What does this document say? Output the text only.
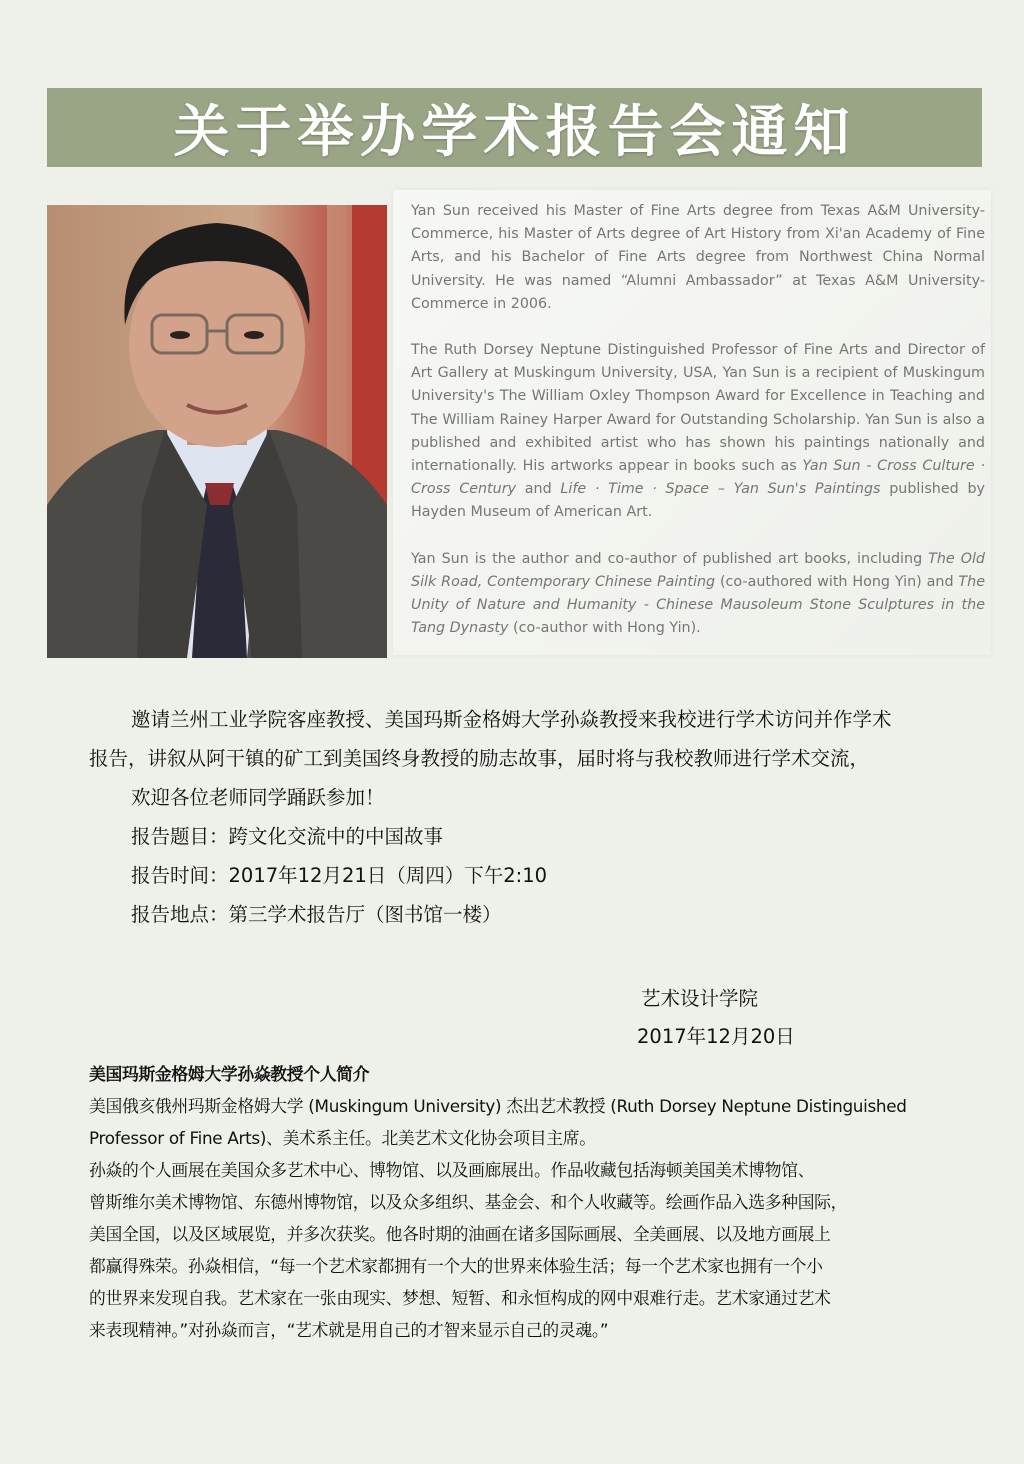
关于举办学术报告会通知

Yan Sun received his Master of Fine Arts degree from Texas A&M University-Commerce, his Master of Arts degree of Art History from Xi'an Academy of Fine Arts, and his Bachelor of Fine Arts degree from Northwest China Normal University. He was named “Alumni Ambassador” at Texas A&M University-Commerce in 2006.

The Ruth Dorsey Neptune Distinguished Professor of Fine Arts and Director of Art Gallery at Muskingum University, USA, Yan Sun is a recipient of Muskingum University's The William Oxley Thompson Award for Excellence in Teaching and The William Rainey Harper Award for Outstanding Scholarship. Yan Sun is also a published and exhibited artist who has shown his paintings nationally and internationally. His artworks appear in books such as Yan Sun - Cross Culture · Cross Century and Life · Time · Space – Yan Sun's Paintings published by Hayden Museum of American Art.

Yan Sun is the author and co-author of published art books, including The Old Silk Road, Contemporary Chinese Painting (co-authored with Hong Yin) and The Unity of Nature and Humanity - Chinese Mausoleum Stone Sculptures in the Tang Dynasty (co-author with Hong Yin).

邀请兰州工业学院客座教授、美国玛斯金格姆大学孙焱教授来我校进行学术访问并作学术
报告，讲叙从阿干镇的矿工到美国终身教授的励志故事，届时将与我校教师进行学术交流，
欢迎各位老师同学踊跃参加！
报告题目：跨文化交流中的中国故事
报告时间：2017年12月21日（周四）下午2:10
报告地点：第三学术报告厅（图书馆一楼）
艺术设计学院
2017年12月20日
美国玛斯金格姆大学孙焱教授个人简介
美国俄亥俄州玛斯金格姆大学 (Muskingum University) 杰出艺术教授 (Ruth Dorsey Neptune Distinguished
Professor of Fine Arts)、美术系主任。北美艺术文化协会项目主席。
孙焱的个人画展在美国众多艺术中心、博物馆、以及画廊展出。作品收藏包括海顿美国美术博物馆、
曾斯维尔美术博物馆、东德州博物馆，以及众多组织、基金会、和个人收藏等。绘画作品入选多种国际，
美国全国，以及区域展览，并多次获奖。他各时期的油画在诸多国际画展、全美画展、以及地方画展上
都赢得殊荣。孙焱相信，“每一个艺术家都拥有一个大的世界来体验生活；每一个艺术家也拥有一个小
的世界来发现自我。艺术家在一张由现实、梦想、短暂、和永恒构成的网中艰难行走。艺术家通过艺术
来表现精神。”对孙焱而言，“艺术就是用自己的才智来显示自己的灵魂。”
